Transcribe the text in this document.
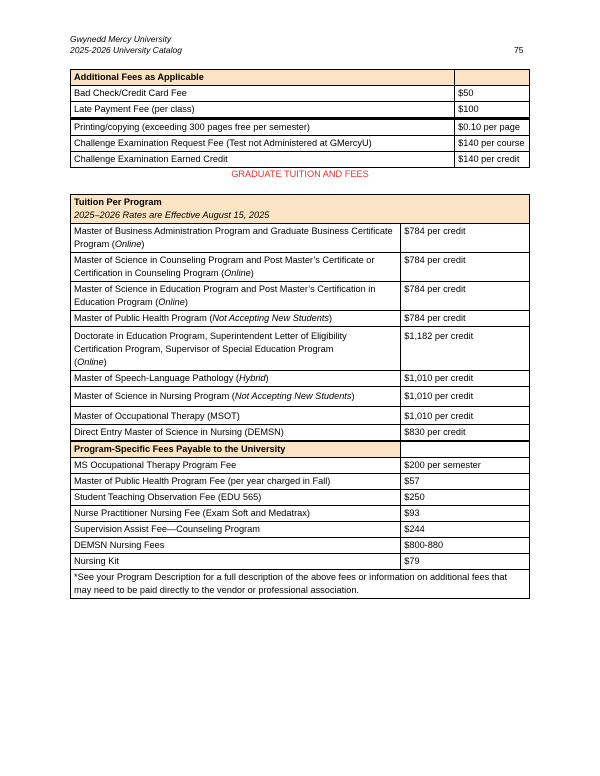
Gwynedd Mercy University
2025-2026 University Catalog	75
Additional Fees as Applicable	
Bad Check/Credit Card Fee	$50
Late Payment Fee (per class)	$100
Printing/copying (exceeding 300 pages free per semester)	$0.10 per page
Challenge Examination Request Fee (Test not Administered at GMercyU)	$140 per course
Challenge Examination Earned Credit	$140 per credit
GRADUATE TUITION AND FEES
Tuition Per Program
2025–2026 Rates are Effective August 15, 2025	

Master of Business Administration Program and Graduate Business Certificate Program (Online)	$784 per credit
Master of Science in Counseling Program and Post Master’s Certificate or Certification in Counseling Program (Online)	$784 per credit
Master of Science in Education Program and Post Master’s Certification in Education Program (Online)	$784 per credit
Master of Public Health Program (Not Accepting New Students)	$784 per credit
Doctorate in Education Program, Superintendent Letter of Eligibility Certification Program, Supervisor of Special Education Program
(Online)	$1,182 per credit
Master of Speech-Language Pathology (Hybrid)	$1,010 per credit
Master of Science in Nursing Program (Not Accepting New Students)	$1,010 per credit
Master of Occupational Therapy (MSOT)	$1,010 per credit
Direct Entry Master of Science in Nursing (DEMSN)	$830 per credit
Program-Specific Fees Payable to the University	
MS Occupational Therapy Program Fee	$200 per semester
Master of Public Health Program Fee (per year charged in Fall)	$57
Student Teaching Observation Fee (EDU 565)	$250
Nurse Practitioner Nursing Fee (Exam Soft and Medatrax)	$93
Supervision Assist Fee—Counseling Program	$244
DEMSN Nursing Fees	$800-880
Nursing Kit	$79
*See your Program Description for a full description of the above fees or information on additional fees that may need to be paid directly to the vendor or professional association.	
